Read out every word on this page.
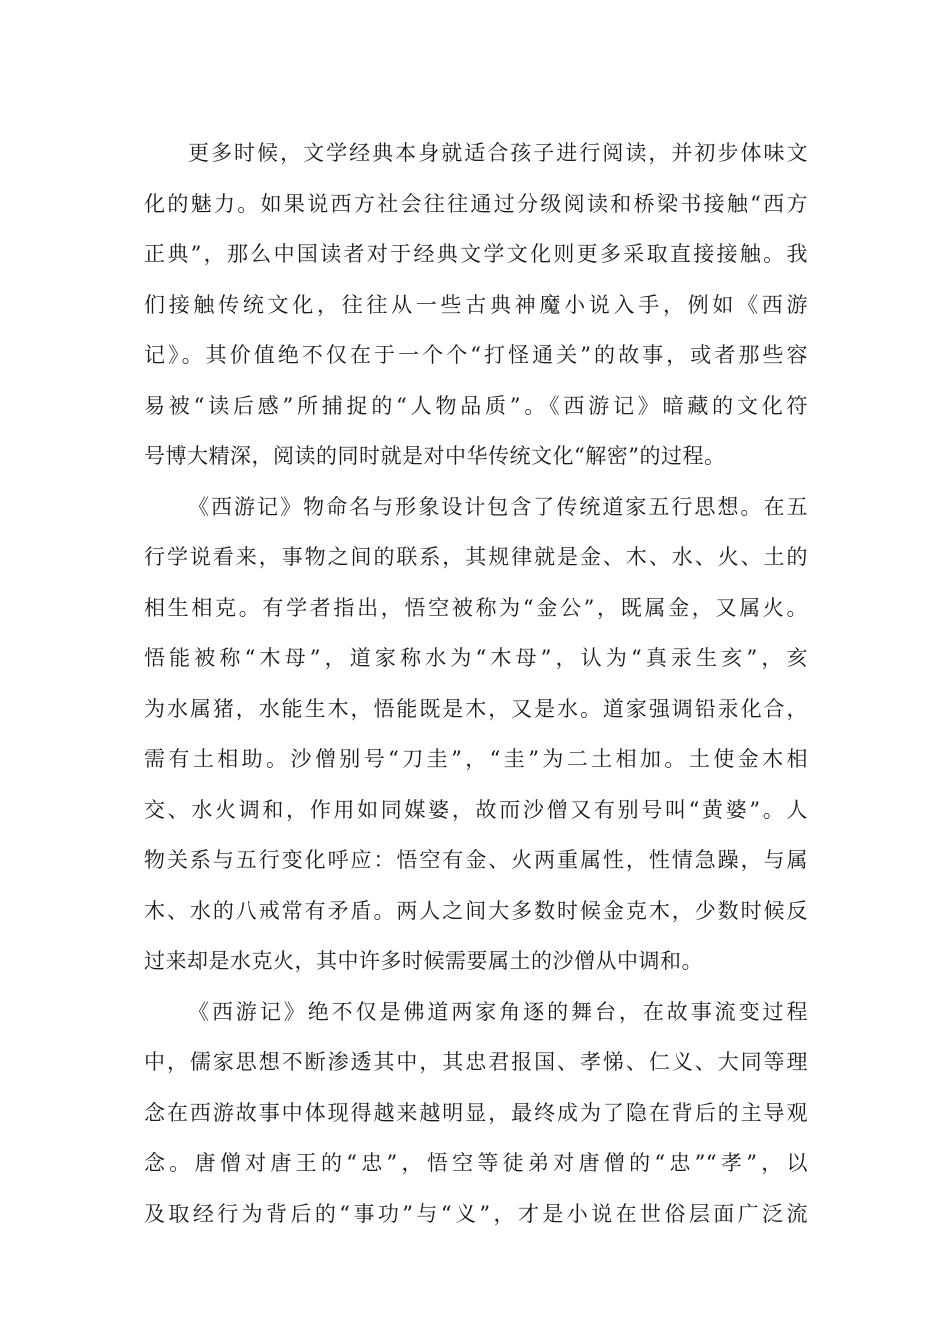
更多时候，文学经典本身就适合孩子进行阅读，并初步体味文
化的魅力。如果说西方社会往往通过分级阅读和桥梁书接触“西方
正典”，那么中国读者对于经典文学文化则更多采取直接接触。我
们接触传统文化，往往从一些古典神魔小说入手，例如《西游
记》。其价值绝不仅在于一个个“打怪通关”的故事，或者那些容
易被“读后感”所捕捉的“人物品质”。《西游记》暗藏的文化符
号博大精深，阅读的同时就是对中华传统文化“解密”的过程。
《西游记》物命名与形象设计包含了传统道家五行思想。在五
行学说看来，事物之间的联系，其规律就是金、木、水、火、土的
相生相克。有学者指出，悟空被称为“金公”，既属金，又属火。
悟能被称“木母”，道家称水为“木母”，认为“真汞生亥”，亥
为水属猪，水能生木，悟能既是木，又是水。道家强调铅汞化合，
需有土相助。沙僧别号“刀圭”，“圭”为二土相加。土使金木相
交、水火调和，作用如同媒婆，故而沙僧又有别号叫“黄婆”。人
物关系与五行变化呼应：悟空有金、火两重属性，性情急躁，与属
木、水的八戒常有矛盾。两人之间大多数时候金克木，少数时候反
过来却是水克火，其中许多时候需要属土的沙僧从中调和。
《西游记》绝不仅是佛道两家角逐的舞台，在故事流变过程
中，儒家思想不断渗透其中，其忠君报国、孝悌、仁义、大同等理
念在西游故事中体现得越来越明显，最终成为了隐在背后的主导观
念。唐僧对唐王的“忠”，悟空等徒弟对唐僧的“忠”“孝”，以
及取经行为背后的“事功”与“义”，才是小说在世俗层面广泛流
